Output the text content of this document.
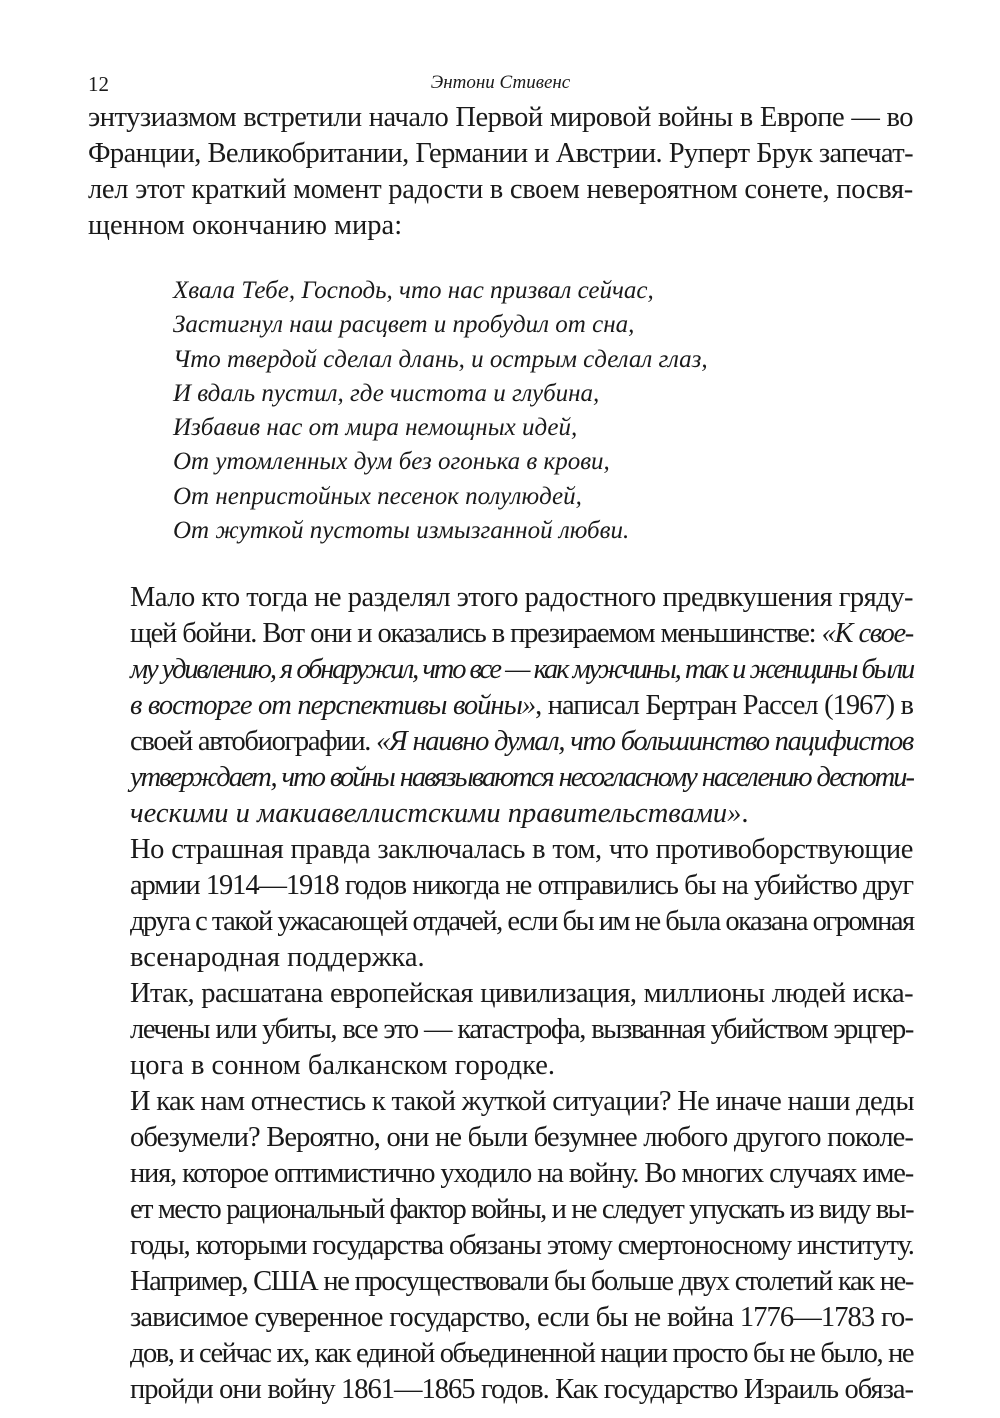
12	Энтони Стивенс

энтузиазмом встретили начало Первой мировой войны в Европе — во
Франции, Великобритании, Германии и Австрии. Руперт Брук запечат-
лел этот краткий момент радости в своем невероятном сонете, посвя-
щенном окончанию мира:

Хвала Тебе, Господь, что нас призвал сейчас,
Застигнул наш расцвет и пробудил от сна,
Что твердой сделал длань, и острым сделал глаз,
И вдаль пустил, где чистота и глубина,
Избавив нас от мира немощных идей,
От утомленных дум без огонька в крови,
От непристойных песенок полулюдей,
От жуткой пустоты измызганной любви.

Мало кто тогда не разделял этого радостного предвкушения гряду-
щей бойни. Вот они и оказались в презираемом меньшинстве: «К свое-
му удивлению, я обнаружил, что все — как мужчины, так и женщины были
в восторге от перспективы войны», написал Бертран Рассел (1967) в
своей автобиографии. «Я наивно думал, что большинство пацифистов
утверждает, что войны навязываются несогласному населению деспоти-
ческими и макиавеллистскими правительствами».

Но страшная правда заключалась в том, что противоборствующие
армии 1914—1918 годов никогда не отправились бы на убийство друг
друга с такой ужасающей отдачей, если бы им не была оказана огромная
всенародная поддержка.

Итак, расшатана европейская цивилизация, миллионы людей иска-
лечены или убиты, все это — катастрофа, вызванная убийством эрцгер-
цога в сонном балканском городке.

И как нам отнестись к такой жуткой ситуации? Не иначе наши деды
обезумели? Вероятно, они не были безумнее любого другого поколе-
ния, которое оптимистично уходило на войну. Во многих случаях име-
ет место рациональный фактор войны, и не следует упускать из виду вы-
годы, которыми государства обязаны этому смертоносному институту.
Например, США не просуществовали бы больше двух столетий как не-
зависимое суверенное государство, если бы не война 1776—1783 го-
дов, и сейчас их, как единой объединенной нации просто бы не было, не
пройди они войну 1861—1865 годов. Как государство Израиль обяза-
